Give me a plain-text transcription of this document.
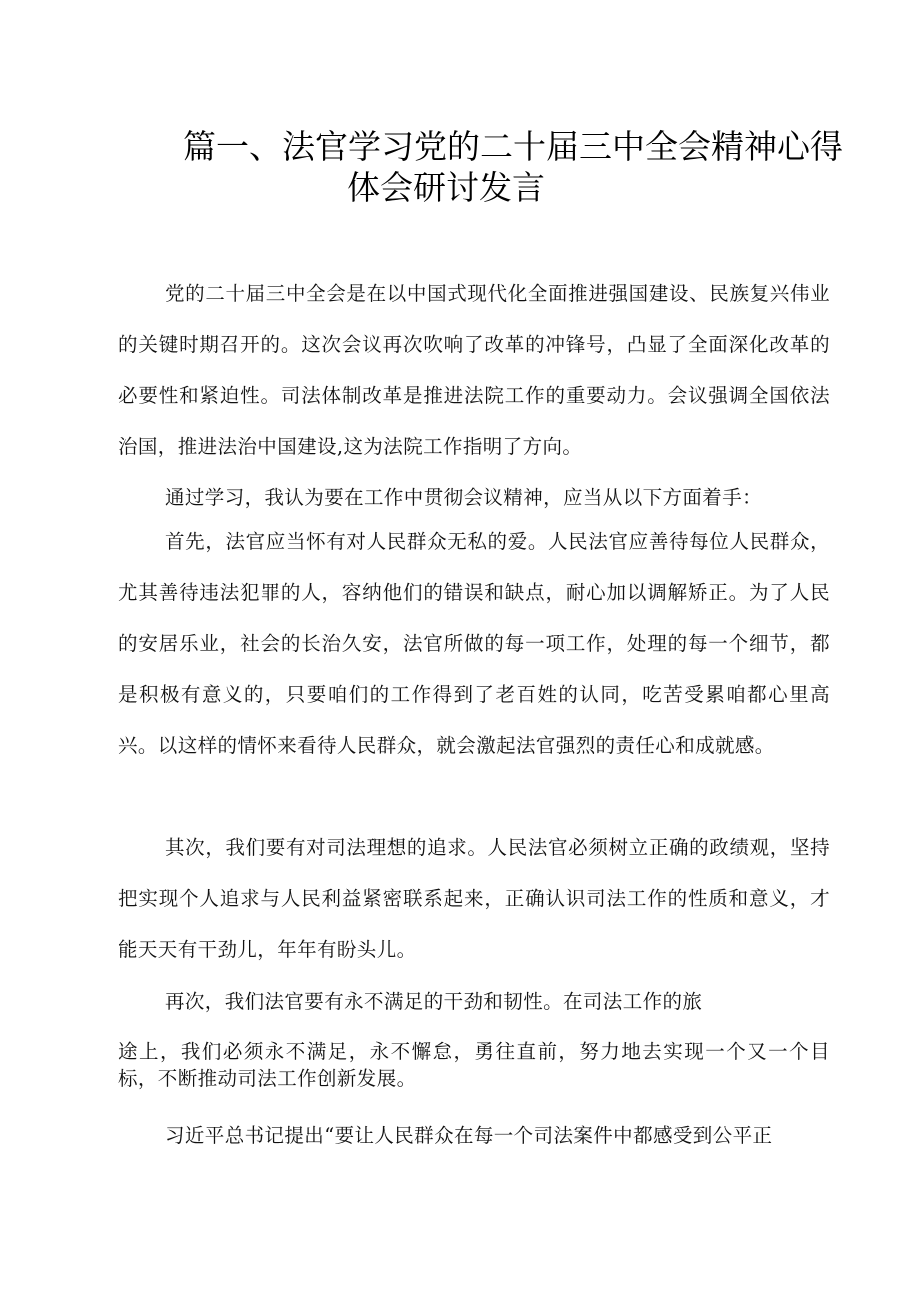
篇一、法官学习党的二十届三中全会精神心得
体会研讨发言

党的二十届三中全会是在以中国式现代化全面推进强国建设、民族复兴伟业的关键时期召开的。这次会议再次吹响了改革的冲锋号，凸显了全面深化改革的必要性和紧迫性。司法体制改革是推进法院工作的重要动力。会议强调全国依法治国，推进法治中国建设,这为法院工作指明了方向。

通过学习，我认为要在工作中贯彻会议精神，应当从以下方面着手：

首先，法官应当怀有对人民群众无私的爱。人民法官应善待每位人民群众，尤其善待违法犯罪的人，容纳他们的错误和缺点，耐心加以调解矫正。为了人民的安居乐业，社会的长治久安，法官所做的每一项工作，处理的每一个细节，都是积极有意义的，只要咱们的工作得到了老百姓的认同，吃苦受累咱都心里高兴。以这样的情怀来看待人民群众，就会激起法官强烈的责任心和成就感。

其次，我们要有对司法理想的追求。人民法官必须树立正确的政绩观，坚持把实现个人追求与人民利益紧密联系起来，正确认识司法工作的性质和意义，才能天天有干劲儿，年年有盼头儿。

再次，我们法官要有永不满足的干劲和韧性。在司法工作的旅

途上，我们必须永不满足，永不懈怠，勇往直前，努力地去实现一个又一个目标，不断推动司法工作创新发展。

习近平总书记提出“要让人民群众在每一个司法案件中都感受到公平正
